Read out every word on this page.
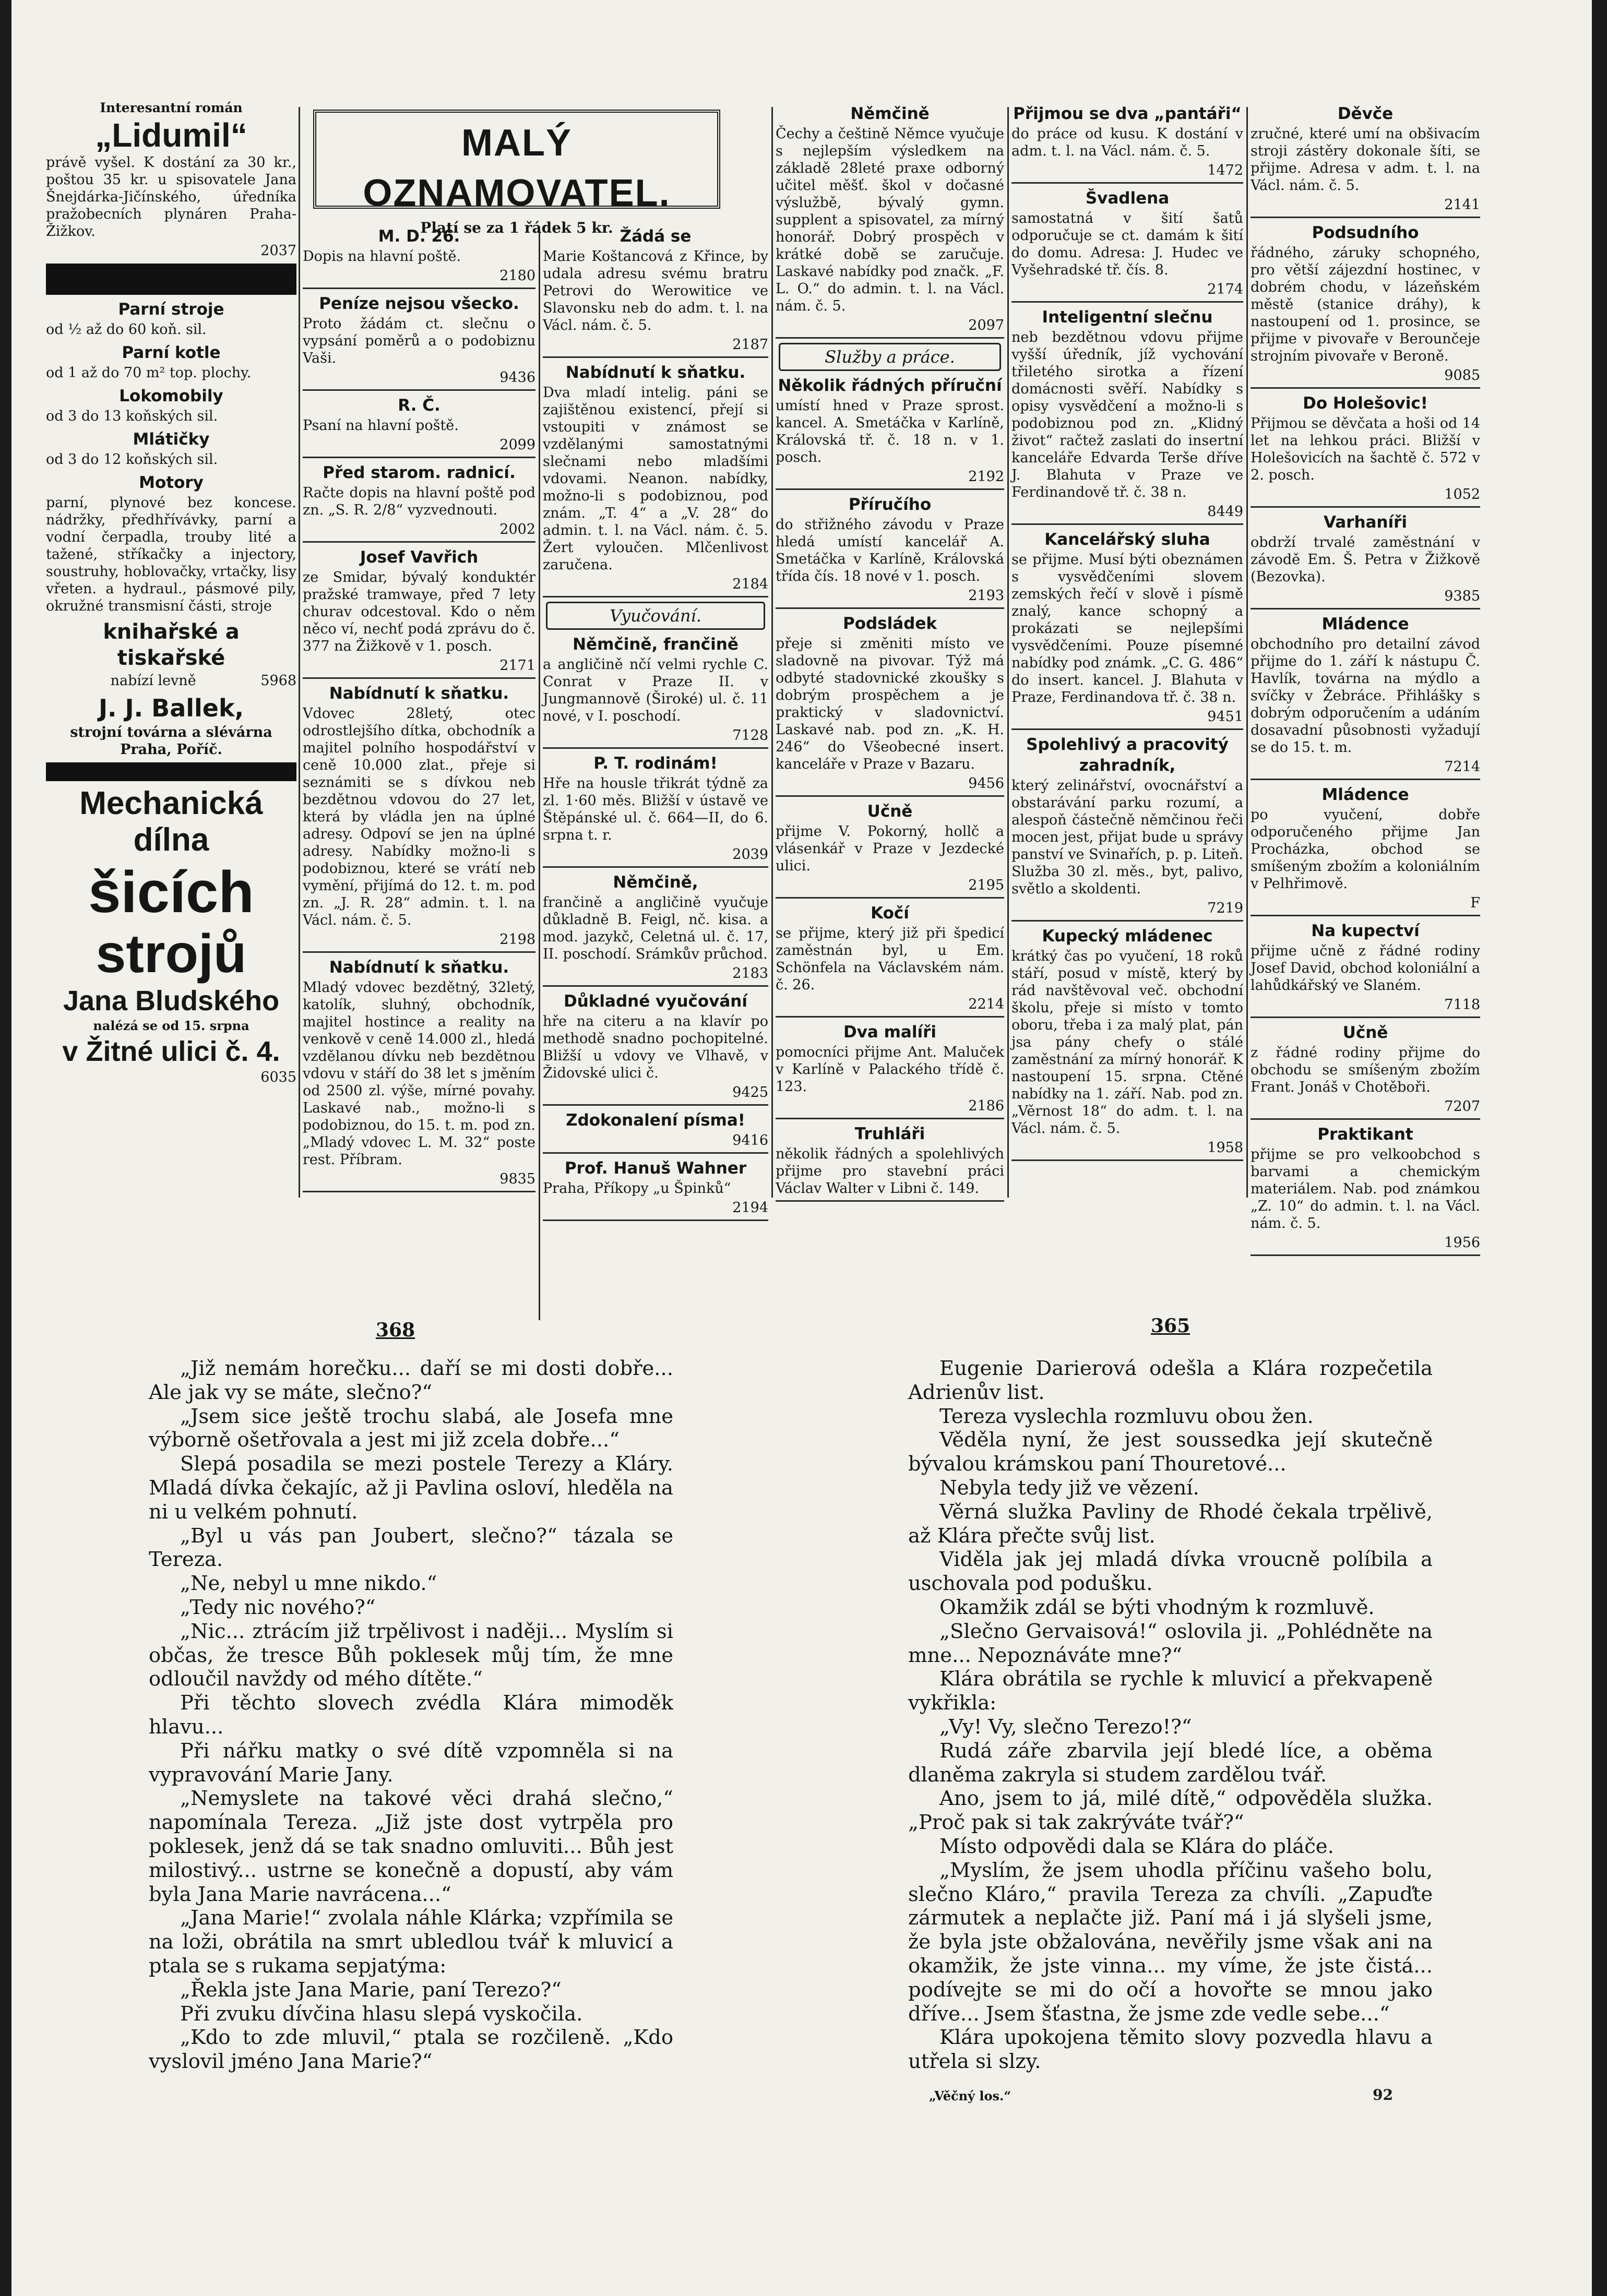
Interesantní román
„Lidumil“

právě vyšel. K dostání za 30 kr., poštou 35 kr. u spisovatele Jana Šnejdárka-Jičínského, úředníka pražobecních plynáren Praha-Žižkov.

2037
Parní stroje

od ½ až do 60 koň. sil.

Parní kotle

od 1 až do 70 m² top. plochy.

Lokomobily

od 3 do 13 koňských sil.

Mlátičky

od 3 do 12 koňských sil.

Motory

parní, plynové bez koncese. nádržky, předhřívávky, parní a vodní čerpadla, trouby lité a tažené, stříkačky a injectory, soustruhy, hoblovačky, vrtačky, lisy vřeten. a hydraul., pásmové pily, okružné transmisní části, stroje

knihařské a tiskařské

nabízí levně	5968

J. J. Ballek,

strojní továrna a slévárna Praha, Poříč.

Mechanická dílna
šicích
strojů
Jana Bludského
nalézá se od 15. srpna
v Žitné ulici č. 4.
6035
MALÝ OZNAMOVATEL.
Platí se za 1 řádek 5 kr.
M. D. 26.

Dopis na hlavní poště.

2180
Peníze nejsou všecko.

Proto žádám ct. slečnu o vypsání poměrů a o podobiznu Vaši.

9436
R. Č.

Psaní na hlavní poště.

2099
Před starom. radnicí.

Račte dopis na hlavní poště pod zn. „S. R. 2/8“ vyzvednouti.

2002
Josef Vavřich

ze Smidar, bývalý konduktér pražské tramwaye, před 7 lety churav odcestoval. Kdo o něm něco ví, nechť podá zprávu do č. 377 na Žižkově v 1. posch.

2171
Nabídnutí k sňatku.

Vdovec 28letý, otec odrostlejšího dítka, obchodník a majitel polního hospodářství v ceně 10.000 zlat., přeje si seznámiti se s dívkou neb bezdětnou vdovou do 27 let, která by vládla jen na úplné adresy. Odpoví se jen na úplné adresy. Nabídky možno-li s podobiznou, které se vrátí neb vymění, přijímá do 12. t. m. pod zn. „J. R. 28“ admin. t. l. na Václ. nám. č. 5.

2198
Nabídnutí k sňatku.

Mladý vdovec bezdětný, 32letý, katolík, sluhný, obchodník, majitel hostince a reality na venkově v ceně 14.000 zl., hledá vzdělanou dívku neb bezdětnou vdovu v stáří do 38 let s jměním od 2500 zl. výše, mírné povahy. Laskavé nab., možno-li s podobiznou, do 15. t. m. pod zn. „Mladý vdovec L. M. 32“ poste rest. Příbram.

9835
Žádá se

Marie Koštancová z Křince, by udala adresu svému bratru Petrovi do Werowitice ve Slavonsku neb do adm. t. l. na Václ. nám. č. 5.

2187
Nabídnutí k sňatku.

Dva mladí intelig. páni se zajištěnou existencí, přejí si vstoupiti v známost se vzdělanými samostatnými slečnami nebo mladšími vdovami. Neanon. nabídky, možno-li s podobiznou, pod znám. „T. 4“ a „V. 28“ do admin. t. l. na Václ. nám. č. 5. Žert vyloučen. Mlčenlivost zaručena.

2184
Vyučování.
Němčině, frančině

a angličině nčí velmi rychle C. Conrat v Praze II. v Jungmannově (Široké) ul. č. 11 nové, v I. poschodí.

7128
P. T. rodinám!

Hře na housle třikrát týdně za zl. 1·60 měs. Bližší v ústavě ve Štěpánské ul. č. 664—II, do 6. srpna t. r.

2039
Němčině,

frančině a angličině vyučuje důkladně B. Feigl, nč. kisa. a mod. jazykč, Celetná ul. č. 17, II. poschodí. Srámkův průchod.

2183
Důkladné vyučování

hře na citeru a na klavír po methodě snadno pochopitelné. Bližší u vdovy ve Vlhavě, v Židovské ulici č.

9425
Zdokonalení písma!
9416
Prof. Hanuš Wahner

Praha, Příkopy „u Špinků“

2194
Němčině

Čechy a češtině Němce vyučuje s nejlepším výsledkem na základě 28leté praxe odborný učitel měšť. škol v dočasné výslužbě, bývalý gymn. supplent a spisovatel, za mírný honorář. Dobrý prospěch v krátké době se zaručuje. Laskavé nabídky pod značk. „F. L. O.“ do admin. t. l. na Václ. nám. č. 5.

2097
Služby a práce.
Několik řádných příruční

umístí hned v Praze sprost. kancel. A. Smetáčka v Karlíně, Královská tř. č. 18 n. v 1. posch.

2192
Příručího

do střižného závodu v Praze hledá umístí kancelář A. Smetáčka v Karlíně, Královská třída čís. 18 nové v 1. posch.

2193
Podsládek

přeje si změniti místo ve sladovně na pivovar. Týž má odbyté stadovnické zkoušky s dobrým prospěchem a je praktický v sladovnictví. Laskavé nab. pod zn. „K. H. 246“ do Všeobecné insert. kanceláře v Praze v Bazaru.

9456
Učně

přijme V. Pokorný, hollč a vlásenkář v Praze v Jezdecké ulici.

2195
Kočí

se přijme, který již při špedicí zaměstnán byl, u Em. Schönfela na Václavském nám. č. 26.

2214
Dva malíři

pomocníci přijme Ant. Maluček v Karlíně v Palackého třídě č. 123.

2186
Truhláři

několik řádných a spolehlivých přijme pro stavební práci Václav Walter v Libni č. 149.

Přijmou se dva „pantáři“

do práce od kusu. K dostání v adm. t. l. na Václ. nám. č. 5.

1472
Švadlena

samostatná v šití šatů odporučuje se ct. damám k šití do domu. Adresa: J. Hudec ve Vyšehradské tř. čís. 8.

2174
Inteligentní slečnu

neb bezdětnou vdovu přijme vyšší úředník, jíž vychování třiletého sirotka a řízení domácnosti svěří. Nabídky s opisy vysvědčení a možno-li s podobiznou pod zn. „Klidný život“ račtež zaslati do insertní kanceláře Edvarda Terše dříve J. Blahuta v Praze ve Ferdinandově tř. č. 38 n.

8449
Kancelářský sluha

se přijme. Musí býti obeznámen s vysvědčeními slovem zemských řečí v slově i písmě znalý, kance schopný a prokázati se nejlepšími vysvědčeními. Pouze písemné nabídky pod známk. „C. G. 486“ do insert. kancel. J. Blahuta v Praze, Ferdinandova tř. č. 38 n.

9451
Spolehlivý a pracovitý zahradník,

který zelinářství, ovocnářství a obstarávání parku rozumí, a alespoň částečně němčinou řeči mocen jest, přijat bude u správy panství ve Svinařích, p. p. Liteň. Služba 30 zl. měs., byt, palivo, světlo a skoldenti.

7219
Kupecký mládenec

krátký čas po vyučení, 18 roků stáří, posud v místě, který by rád navštěvoval več. obchodní školu, přeje si místo v tomto oboru, třeba i za malý plat, pán jsa pány chefy o stálé zaměstnání za mírný honorář. K nastoupení 15. srpna. Ctěné nabídky na 1. září. Nab. pod zn. „Věrnost 18“ do adm. t. l. na Václ. nám. č. 5.

1958
Děvče

zručné, které umí na obšivacím stroji zástěry dokonale šíti, se přijme. Adresa v adm. t. l. na Václ. nám. č. 5.

2141
Podsudního

řádného, záruky schopného, pro větší zájezdní hostinec, v dobrém chodu, v lázeňském městě (stanice dráhy), k nastoupení od 1. prosince, se přijme v pivovaře v Berounčeje strojním pivovaře v Beroně.

9085
Do Holešovic!

Přijmou se děvčata a hoši od 14 let na lehkou práci. Bližší v Holešovicích na šachtě č. 572 v 2. posch.

1052
Varhaníři

obdrží trvalé zaměstnání v závodě Em. Š. Petra v Žižkově (Bezovka).

9385
Mládence

obchodního pro detailní závod přijme do 1. září k nástupu Č. Havlík, továrna na mýdlo a svíčky v Žebráce. Přihlášky s dobrým odporučením a udáním dosavadní působnosti vyžadují se do 15. t. m.

7214
Mládence

po vyučení, dobře odporučeného přijme Jan Procházka, obchod se smíšeným zbožím a koloniálním v Pelhřimově.

F
Na kupectví

přijme učně z řádné rodiny Josef David, obchod koloniální a lahůdkářský ve Slaném.

7118
Učně

z řádné rodiny přijme do obchodu se smíšeným zbožím Frant. Jonáš v Chotěboři.

7207
Praktikant

přijme se pro velkoobchod s barvami a chemickým materiálem. Nab. pod známkou „Z. 10“ do admin. t. l. na Václ. nám. č. 5.

1956
368	365

„Již nemám horečku... daří se mi dosti dobře... Ale jak vy se máte, slečno?“

„Jsem sice ještě trochu slabá, ale Josefa mne výborně ošetřovala a jest mi již zcela dobře...“

Slepá posadila se mezi postele Terezy a Kláry. Mladá dívka čekajíc, až ji Pavlina osloví, hleděla na ni u velkém pohnutí.

„Byl u vás pan Joubert, slečno?“ tázala se Tereza.

„Ne, nebyl u mne nikdo.“

„Tedy nic nového?“

„Nic... ztrácím již trpělivost i naději... Myslím si občas, že tresce Bůh poklesek můj tím, že mne odloučil navždy od mého dítěte.“

Při těchto slovech zvédla Klára mimoděk hlavu...

Při nářku matky o své dítě vzpomněla si na vypravování Marie Jany.

„Nemyslete na takové věci drahá slečno,“ napomínala Tereza. „Již jste dost vytrpěla pro poklesek, jenž dá se tak snadno omluviti... Bůh jest milostivý... ustrne se konečně a dopustí, aby vám byla Jana Marie navrácena...“

„Jana Marie!“ zvolala náhle Klárka; vzpřímila se na loži, obrátila na smrt ubledlou tvář k mluvicí a ptala se s rukama sepjatýma:

„Řekla jste Jana Marie, paní Terezo?“

Při zvuku dívčina hlasu slepá vyskočila.

„Kdo to zde mluvil,“ ptala se rozčileně. „Kdo vyslovil jméno Jana Marie?“

Eugenie Darierová odešla a Klára rozpečetila Adrienův list.

Tereza vyslechla rozmluvu obou žen.

Věděla nyní, že jest soussedka její skutečně bývalou krámskou paní Thouretové...

Nebyla tedy již ve vězení.

Věrná služka Pavliny de Rhodé čekala trpělivě, až Klára přečte svůj list.

Viděla jak jej mladá dívka vroucně políbila a uschovala pod podušku.

Okamžik zdál se býti vhodným k rozmluvě.

„Slečno Gervaisová!“ oslovila ji. „Pohlédněte na mne... Nepoznáváte mne?“

Klára obrátila se rychle k mluvicí a překvapeně vykřikla:

„Vy! Vy, slečno Terezo!?“

Rudá záře zbarvila její bledé líce, a oběma dlaněma zakryla si studem zardělou tvář.

Ano, jsem to já, milé dítě,“ odpověděla služka. „Proč pak si tak zakrýváte tvář?“

Místo odpovědi dala se Klára do pláče.

„Myslím, že jsem uhodla příčinu vašeho bolu, slečno Kláro,“ pravila Tereza za chvíli. „Zapuďte zármutek a neplačte již. Paní má i já slyšeli jsme, že byla jste obžalována, nevěřily jsme však ani na okamžik, že jste vinna... my víme, že jste čistá... podívejte se mi do očí a hovořte se mnou jako dříve... Jsem šťastna, že jsme zde vedle sebe...“

Klára upokojena těmito slovy pozvedla hlavu a utřela si slzy.

„Věčný los.“	92
